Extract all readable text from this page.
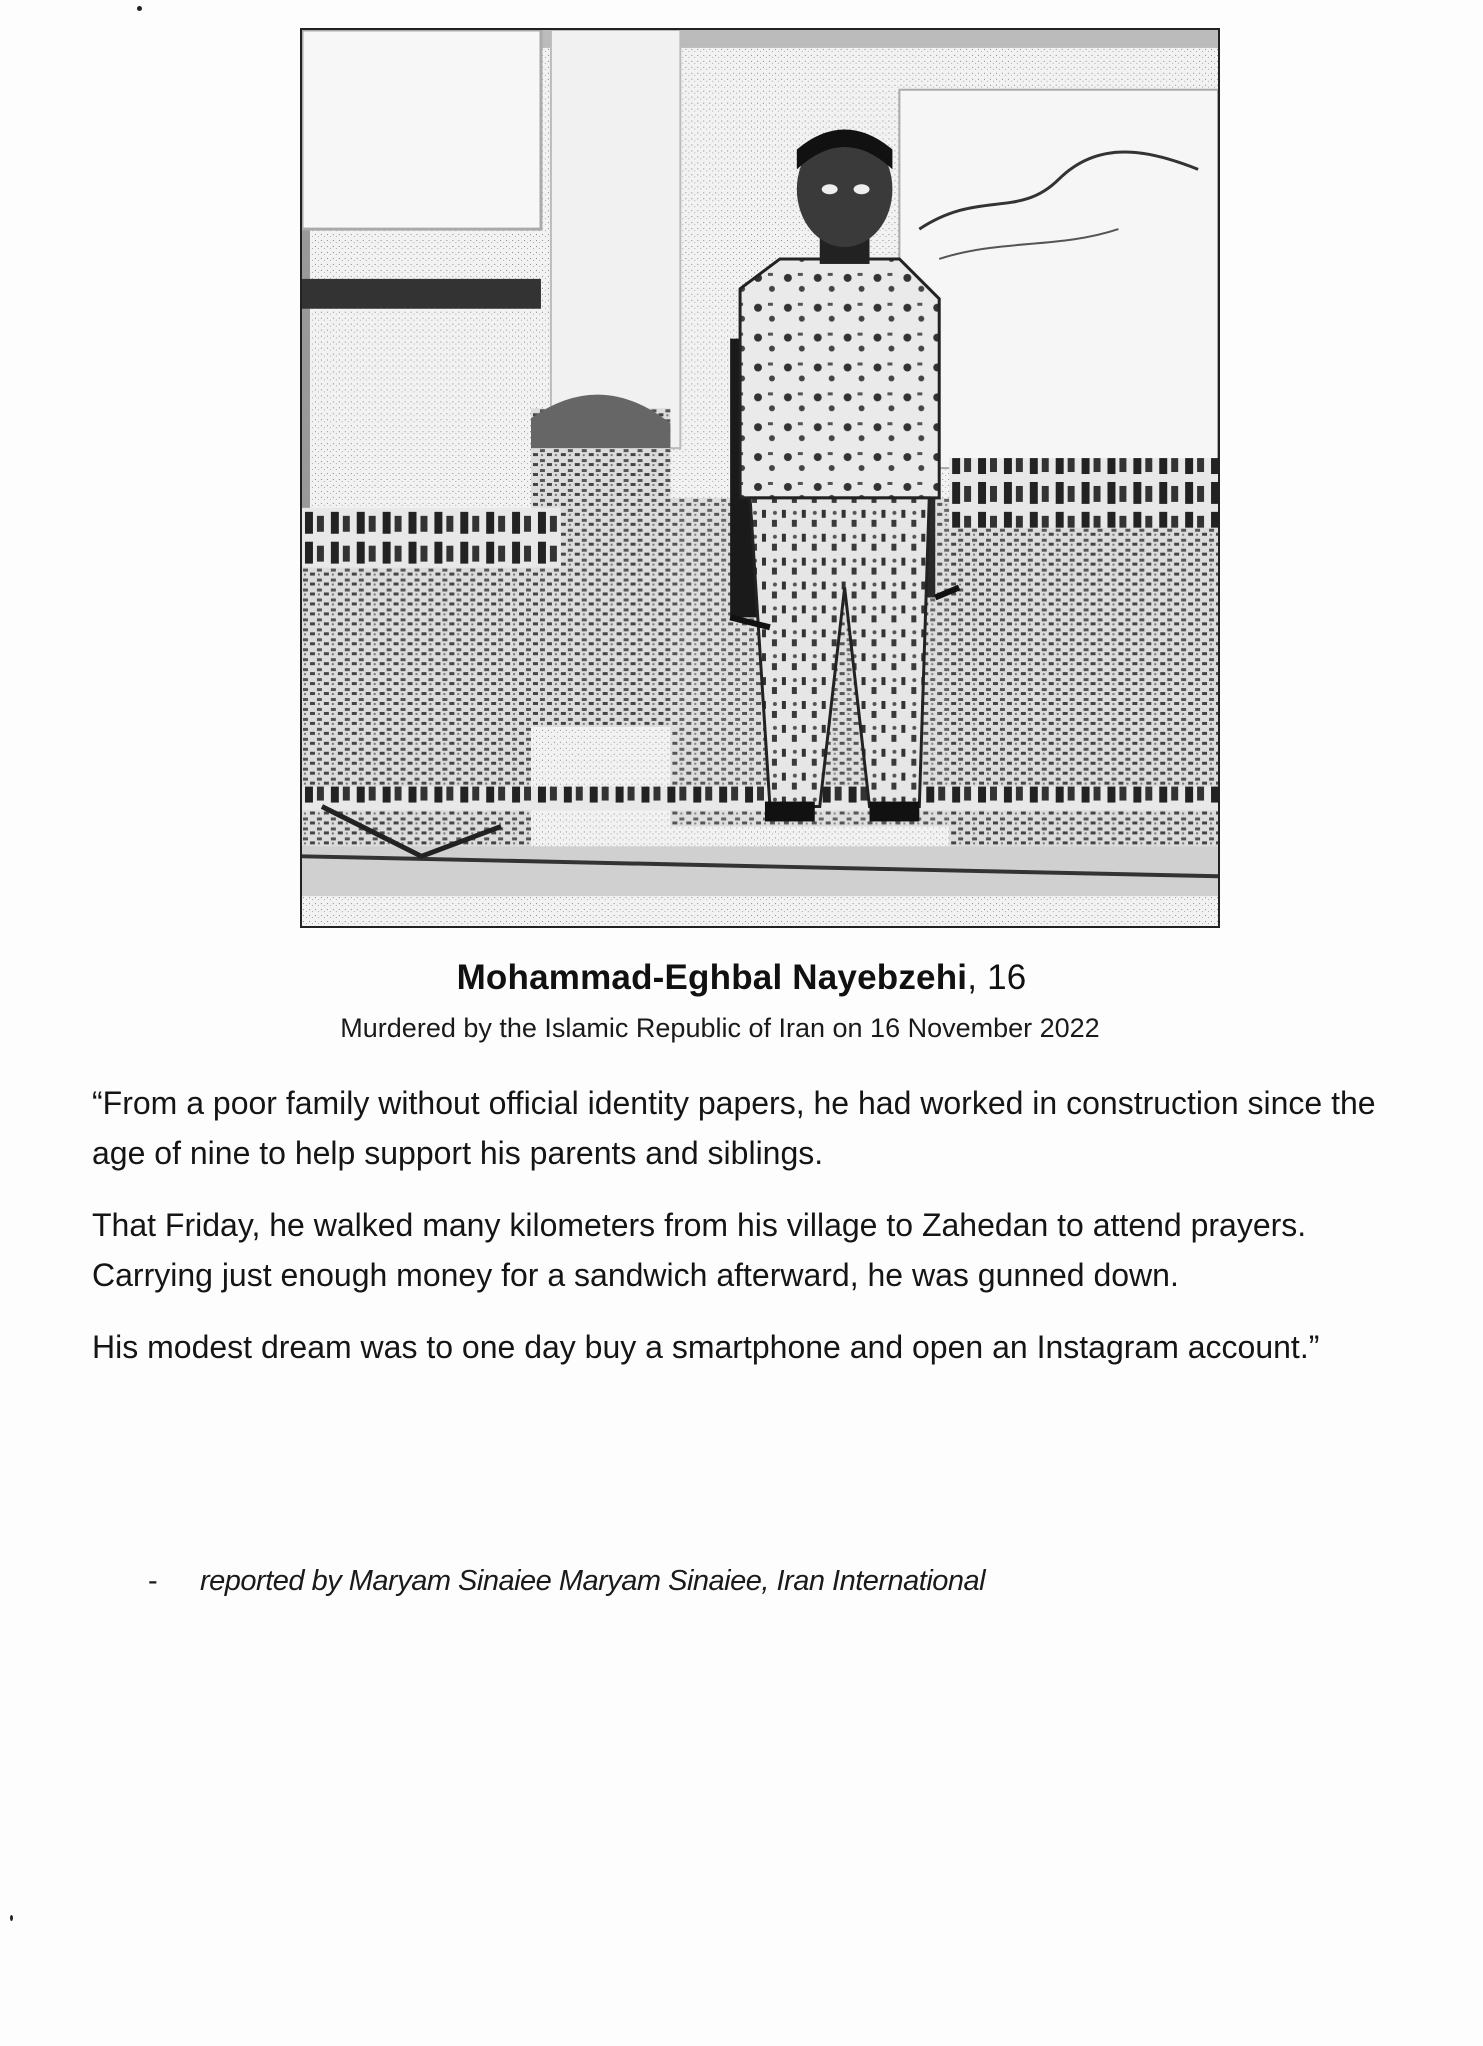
Mohammad-Eghbal Nayebzehi, 16
Murdered by the Islamic Republic of Iran on 16 November 2022

“From a poor family without official identity papers, he had worked in construction since the age of nine to help support his parents and siblings.

That Friday, he walked many kilometers from his village to Zahedan to attend prayers. Carrying just enough money for a sandwich afterward, he was gunned down.

His modest dream was to one day buy a smartphone and open an Instagram account.”

- reported by Maryam Sinaiee Maryam Sinaiee, Iran International
